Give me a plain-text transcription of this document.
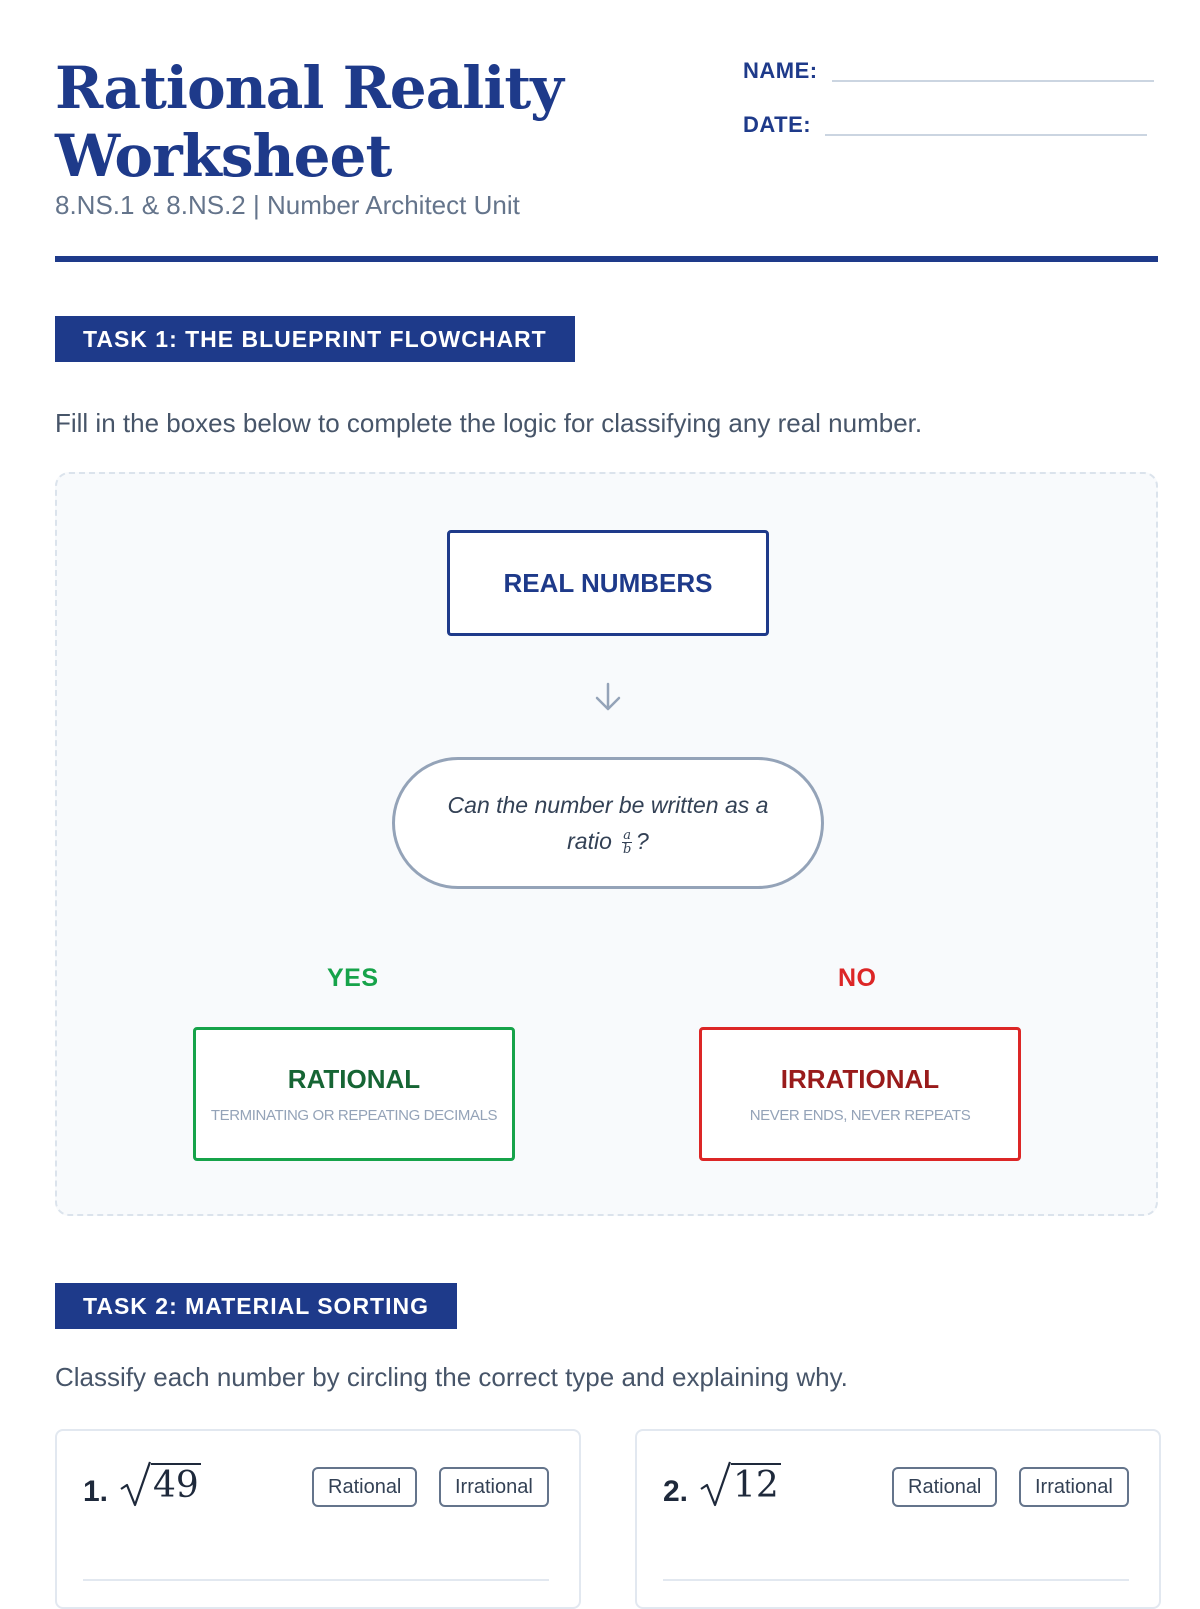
Rational Reality Worksheet

8.NS.1 & 8.NS.2 | Number Architect Unit

NAME:
DATE:
TASK 1: THE BLUEPRINT FLOWCHART

Fill in the boxes below to complete the logic for classifying any real number.

REAL NUMBERS
Can the number be written as a ratio $\frac{a}{b}$ ?
YES	NO
RATIONAL
TERMINATING OR REPEATING DECIMALS
IRRATIONAL
NEVER ENDS, NEVER REPEATS
TASK 2: MATERIAL SORTING

Classify each number by circling the correct type and explaining why.

1. 49	Rational	Irrational	2. 12	Rational	Irrational
